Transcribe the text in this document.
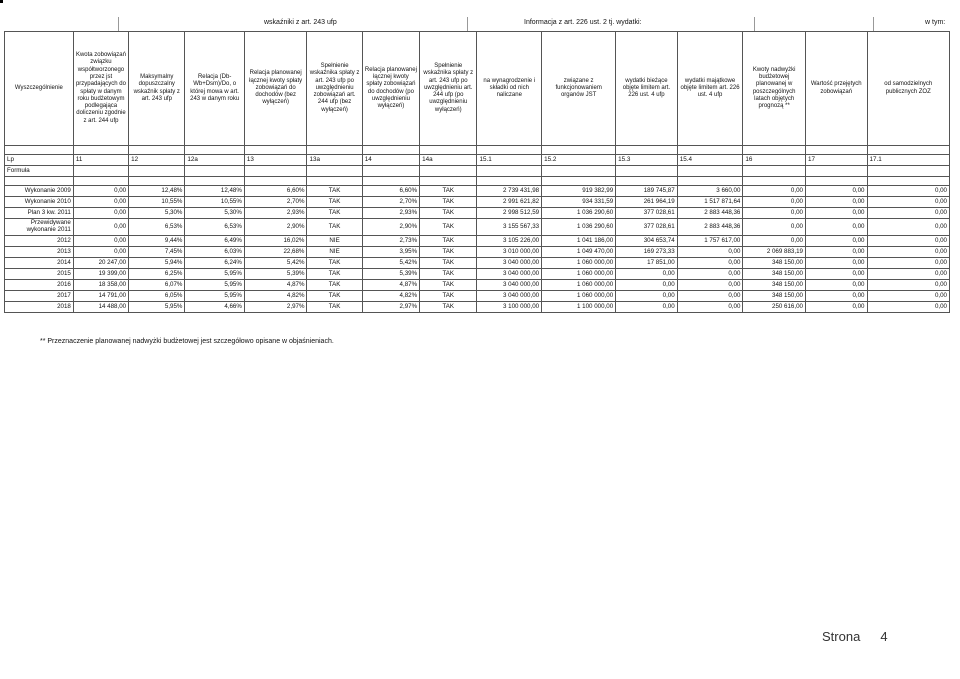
wskaźniki z art. 243 ufp	Informacja z art. 226 ust. 2 tj. wydatki:	w tym:
Wyszczególnienie	Kwota zobowiązań związku współtworzonego przez jst przypadających do spłaty w danym roku budżetowym podlegająca doliczeniu zgodnie z art. 244 ufp	Maksymalny dopuszczalny wskaźnik spłaty z art. 243 ufp	Relacja (Db-Wb+Dsm)/Do, o której mowa w art. 243 w danym roku	Relacja planowanej łącznej kwoty spłaty zobowiązań do dochodów (bez wyłączeń)	Spełnienie wskaźnika spłaty z art. 243 ufp po uwzględnieniu zobowiązań art. 244 ufp (bez wyłączeń)	Relacja planowanej łącznej kwoty spłaty zobowiązań do dochodów (po uwzględnieniu wyłączeń)	Spełnienie wskaźnika spłaty z art. 243 ufp po uwzględnieniu art. 244 ufp (po uwzględnieniu wyłączeń)	na wynagrodzenie i składki od nich naliczane	związane z funkcjonowaniem organów JST	wydatki bieżące objęte limitem art. 226 ust. 4 ufp	wydatki majątkowe objęte limitem art. 226 ust. 4 ufp	Kwoty nadwyżki budżetowej planowanej w poszczególnych latach objętych prognozą **	Wartość przejętych zobowiązań	od samodzielnych publicznych ZOZ

Lp	11	12	12a	13	13a	14	14a	15.1	15.2	15.3	15.4	16	17	17.1
Formuła														

Wykonanie 2009	0,00	12,48%	12,48%	6,60%	TAK	6,60%	TAK	2 739 431,98	919 382,99	189 745,87	3 660,00	0,00	0,00	0,00
Wykonanie 2010	0,00	10,55%	10,55%	2,70%	TAK	2,70%	TAK	2 991 621,82	934 331,59	261 964,19	1 517 871,64	0,00	0,00	0,00
Plan 3 kw. 2011	0,00	5,30%	5,30%	2,93%	TAK	2,93%	TAK	2 998 512,59	1 036 290,60	377 028,61	2 883 448,36	0,00	0,00	0,00
Przewidywane wykonanie 2011	0,00	6,53%	6,53%	2,90%	TAK	2,90%	TAK	3 155 567,33	1 036 290,60	377 028,61	2 883 448,36	0,00	0,00	0,00
2012	0,00	9,44%	6,49%	16,02%	NIE	2,73%	TAK	3 105 226,00	1 041 186,00	304 653,74	1 757 617,00	0,00	0,00	0,00
2013	0,00	7,45%	6,03%	22,68%	NIE	3,95%	TAK	3 010 000,00	1 049 470,00	169 273,33	0,00	2 069 883,19	0,00	0,00
2014	20 247,00	5,94%	6,24%	5,42%	TAK	5,42%	TAK	3 040 000,00	1 060 000,00	17 851,00	0,00	348 150,00	0,00	0,00
2015	19 399,00	6,25%	5,95%	5,39%	TAK	5,39%	TAK	3 040 000,00	1 060 000,00	0,00	0,00	348 150,00	0,00	0,00
2016	18 358,00	6,07%	5,95%	4,87%	TAK	4,87%	TAK	3 040 000,00	1 060 000,00	0,00	0,00	348 150,00	0,00	0,00
2017	14 791,00	6,05%	5,95%	4,82%	TAK	4,82%	TAK	3 040 000,00	1 060 000,00	0,00	0,00	348 150,00	0,00	0,00
2018	14 488,00	5,95%	4,66%	2,97%	TAK	2,97%	TAK	3 100 000,00	1 100 000,00	0,00	0,00	250 616,00	0,00	0,00
** Przeznaczenie planowanej nadwyżki budżetowej jest szczegółowo opisane w objaśnieniach.
Strona 4
